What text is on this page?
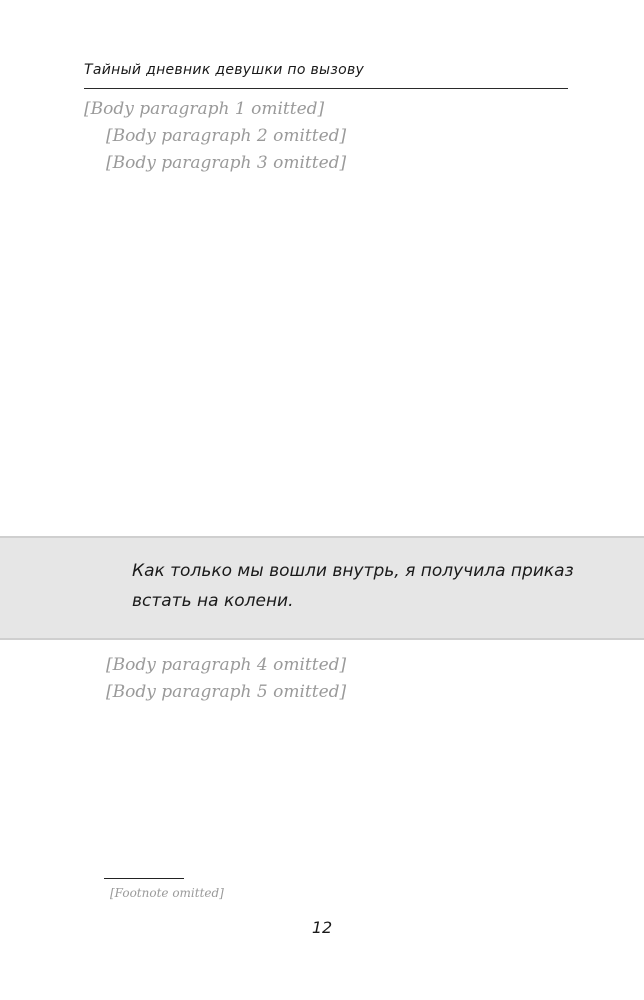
Тайный дневник девушки по вызову

[Body paragraph 1 omitted]

[Body paragraph 2 omitted]

[Body paragraph 3 omitted]

Как только мы вошли внутрь, я получила приказ встать на колени.

[Body paragraph 4 omitted]

[Body paragraph 5 omitted]

[Footnote omitted]
12
